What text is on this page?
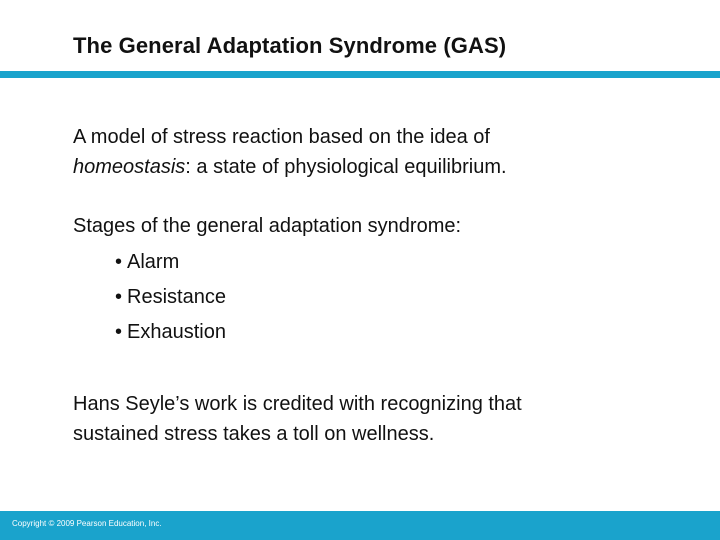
The General Adaptation Syndrome (GAS)

A model of stress reaction based on the idea of

homeostasis: a state of physiological equilibrium.

Stages of the general adaptation syndrome:

• Alarm
• Resistance
• Exhaustion

Hans Seyle’s work is credited with recognizing that

sustained stress takes a toll on wellness.

Copyright © 2009 Pearson Education, Inc.
